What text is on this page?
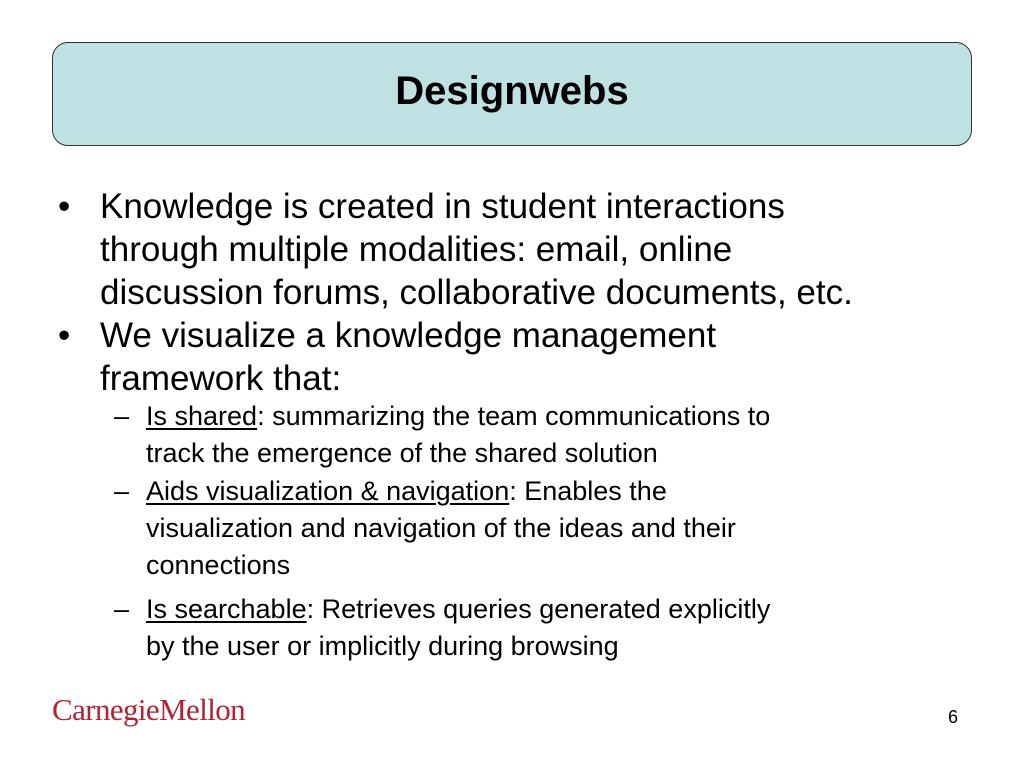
Designwebs
• Knowledge is created in student interactions
through multiple modalities: email, online
discussion forums, collaborative documents, etc.
• We visualize a knowledge management
framework that:
– Is shared: summarizing the team communications to
track the emergence of the shared solution
– Aids visualization & navigation: Enables the
visualization and navigation of the ideas and their
connections
– Is searchable: Retrieves queries generated explicitly
by the user or implicitly during browsing
CarnegieMellon	6
